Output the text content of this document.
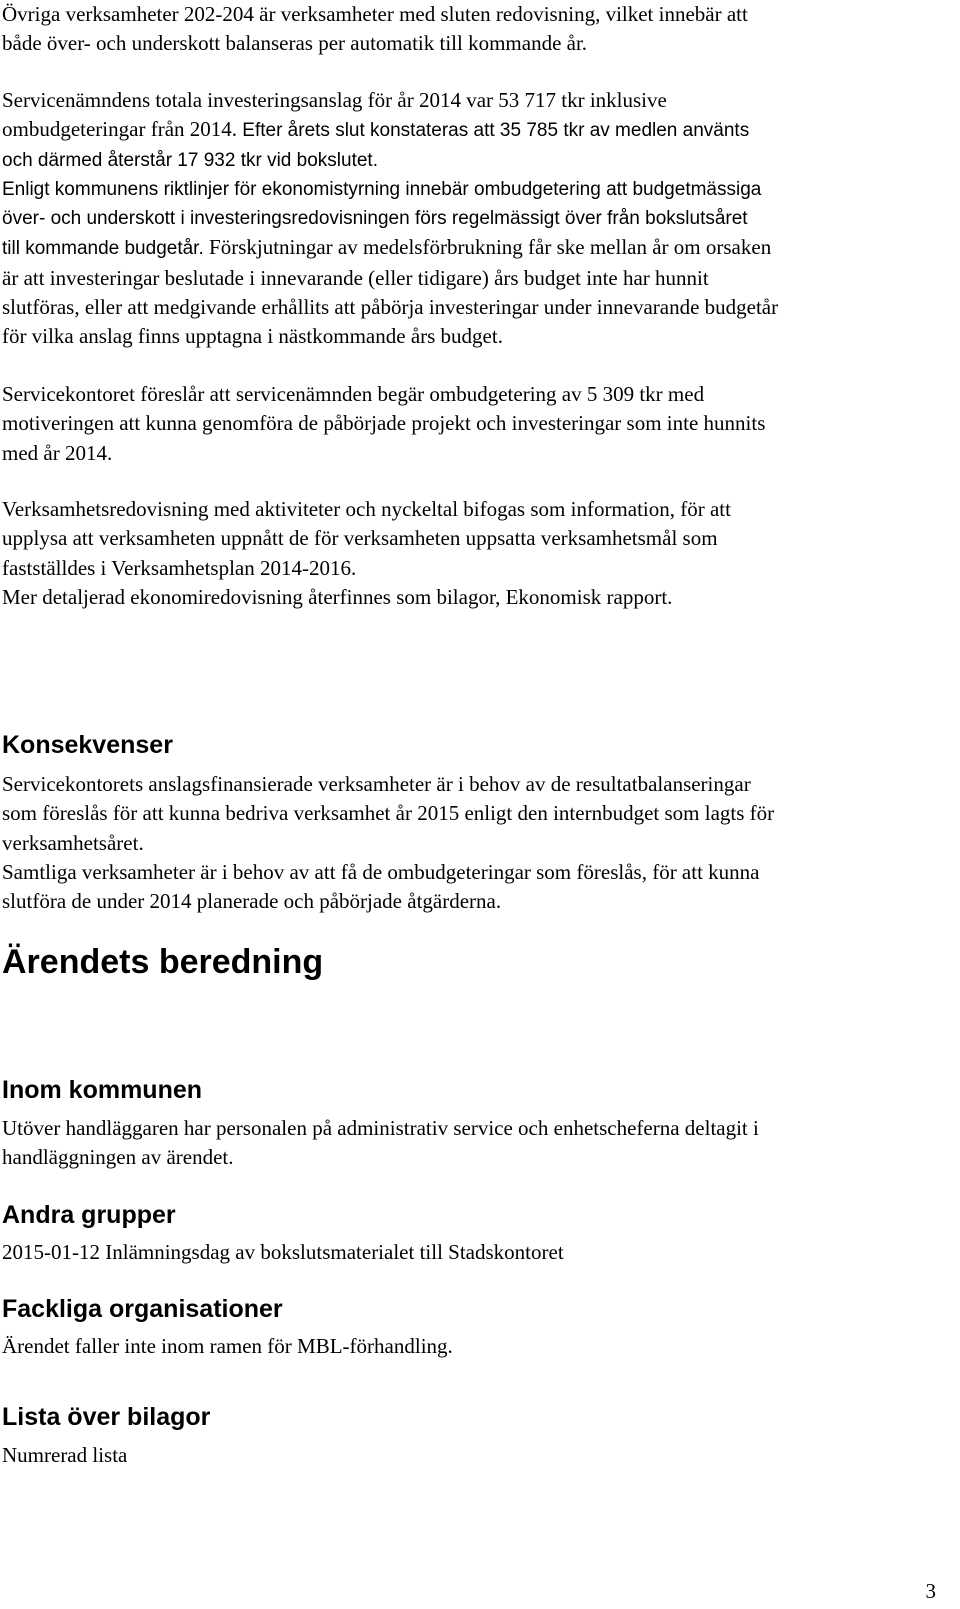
Övriga verksamheter 202-204 är verksamheter med sluten redovisning, vilket innebär att
både över- och underskott balanseras per automatik till kommande år.
Servicenämndens totala investeringsanslag för år 2014 var 53 717 tkr inklusive
ombudgeteringar från 2014. Efter årets slut konstateras att 35 785 tkr av medlen använts
och därmed återstår 17 932 tkr vid bokslutet.
Enligt kommunens riktlinjer för ekonomistyrning innebär ombudgetering att budgetmässiga
över- och underskott i investeringsredovisningen förs regelmässigt över från bokslutsåret
till kommande budgetår. Förskjutningar av medelsförbrukning får ske mellan år om orsaken
är att investeringar beslutade i innevarande (eller tidigare) års budget inte har hunnit
slutföras, eller att medgivande erhållits att påbörja investeringar under innevarande budgetår
för vilka anslag finns upptagna i nästkommande års budget.
Servicekontoret föreslår att servicenämnden begär ombudgetering av 5 309 tkr med
motiveringen att kunna genomföra de påbörjade projekt och investeringar som inte hunnits
med år 2014.
Verksamhetsredovisning med aktiviteter och nyckeltal bifogas som information, för att
upplysa att verksamheten uppnått de för verksamheten uppsatta verksamhetsmål som
fastställdes i Verksamhetsplan 2014-2016.
Mer detaljerad ekonomiredovisning återfinnes som bilagor, Ekonomisk rapport.
Konsekvenser
Servicekontorets anslagsfinansierade verksamheter är i behov av de resultatbalanseringar
som föreslås för att kunna bedriva verksamhet år 2015 enligt den internbudget som lagts för
verksamhetsåret.
Samtliga verksamheter är i behov av att få de ombudgeteringar som föreslås, för att kunna
slutföra de under 2014 planerade och påbörjade åtgärderna.
Ärendets beredning
Inom kommunen
Utöver handläggaren har personalen på administrativ service och enhetscheferna deltagit i
handläggningen av ärendet.
Andra grupper
2015-01-12 Inlämningsdag av bokslutsmaterialet till Stadskontoret
Fackliga organisationer
Ärendet faller inte inom ramen för MBL-förhandling.
Lista över bilagor
Numrerad lista
3
